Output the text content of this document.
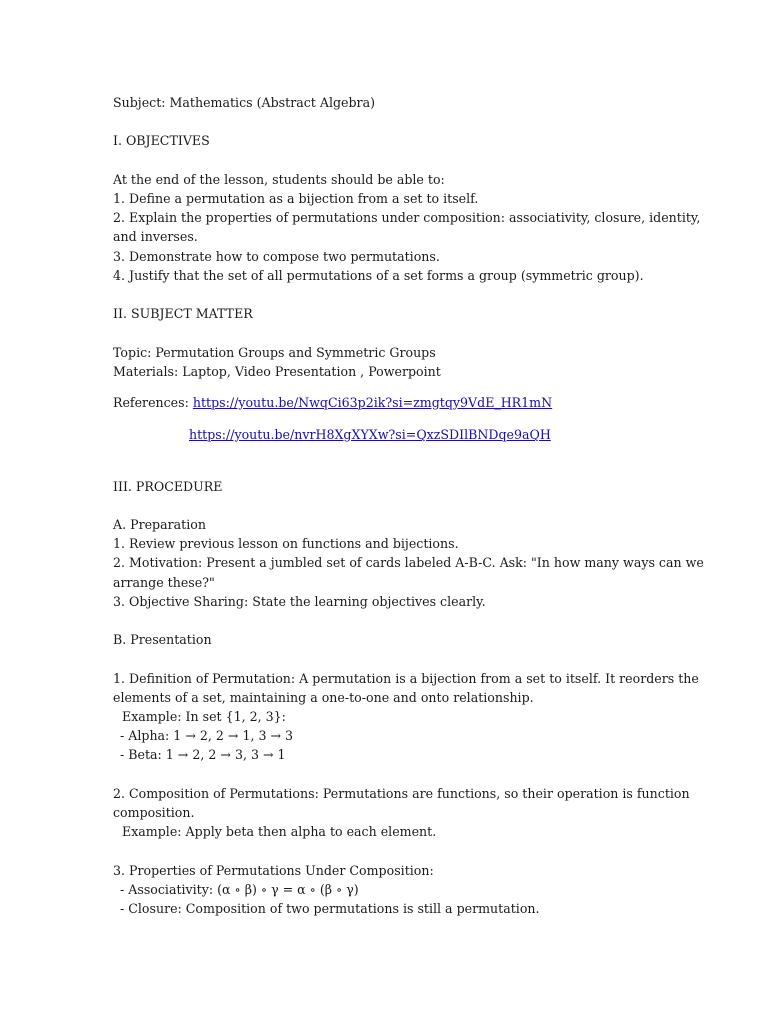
Subject: Mathematics (Abstract Algebra)
I. OBJECTIVES
At the end of the lesson, students should be able to:
1. Define a permutation as a bijection from a set to itself.
2. Explain the properties of permutations under composition: associativity, closure, identity,
and inverses.
3. Demonstrate how to compose two permutations.
4. Justify that the set of all permutations of a set forms a group (symmetric group).
II. SUBJECT MATTER
Topic: Permutation Groups and Symmetric Groups
Materials: Laptop, Video Presentation , Powerpoint
References: https://youtu.be/NwqCi63p2ik?si=zmgtqy9VdE_HR1mN
https://youtu.be/nvrH8XgXYXw?si=QxzSDIlBNDqe9aQH
III. PROCEDURE
A. Preparation
1. Review previous lesson on functions and bijections.
2. Motivation: Present a jumbled set of cards labeled A-B-C. Ask: "In how many ways can we
arrange these?"
3. Objective Sharing: State the learning objectives clearly.
B. Presentation
1. Definition of Permutation: A permutation is a bijection from a set to itself. It reorders the
elements of a set, maintaining a one-to-one and onto relationship.
Example: In set {1, 2, 3}:
- Alpha: 1 → 2, 2 → 1, 3 → 3
- Beta: 1 → 2, 2 → 3, 3 → 1
2. Composition of Permutations: Permutations are functions, so their operation is function
composition.
Example: Apply beta then alpha to each element.
3. Properties of Permutations Under Composition:
- Associativity: (α ∘ β) ∘ γ = α ∘ (β ∘ γ)
- Closure: Composition of two permutations is still a permutation.
